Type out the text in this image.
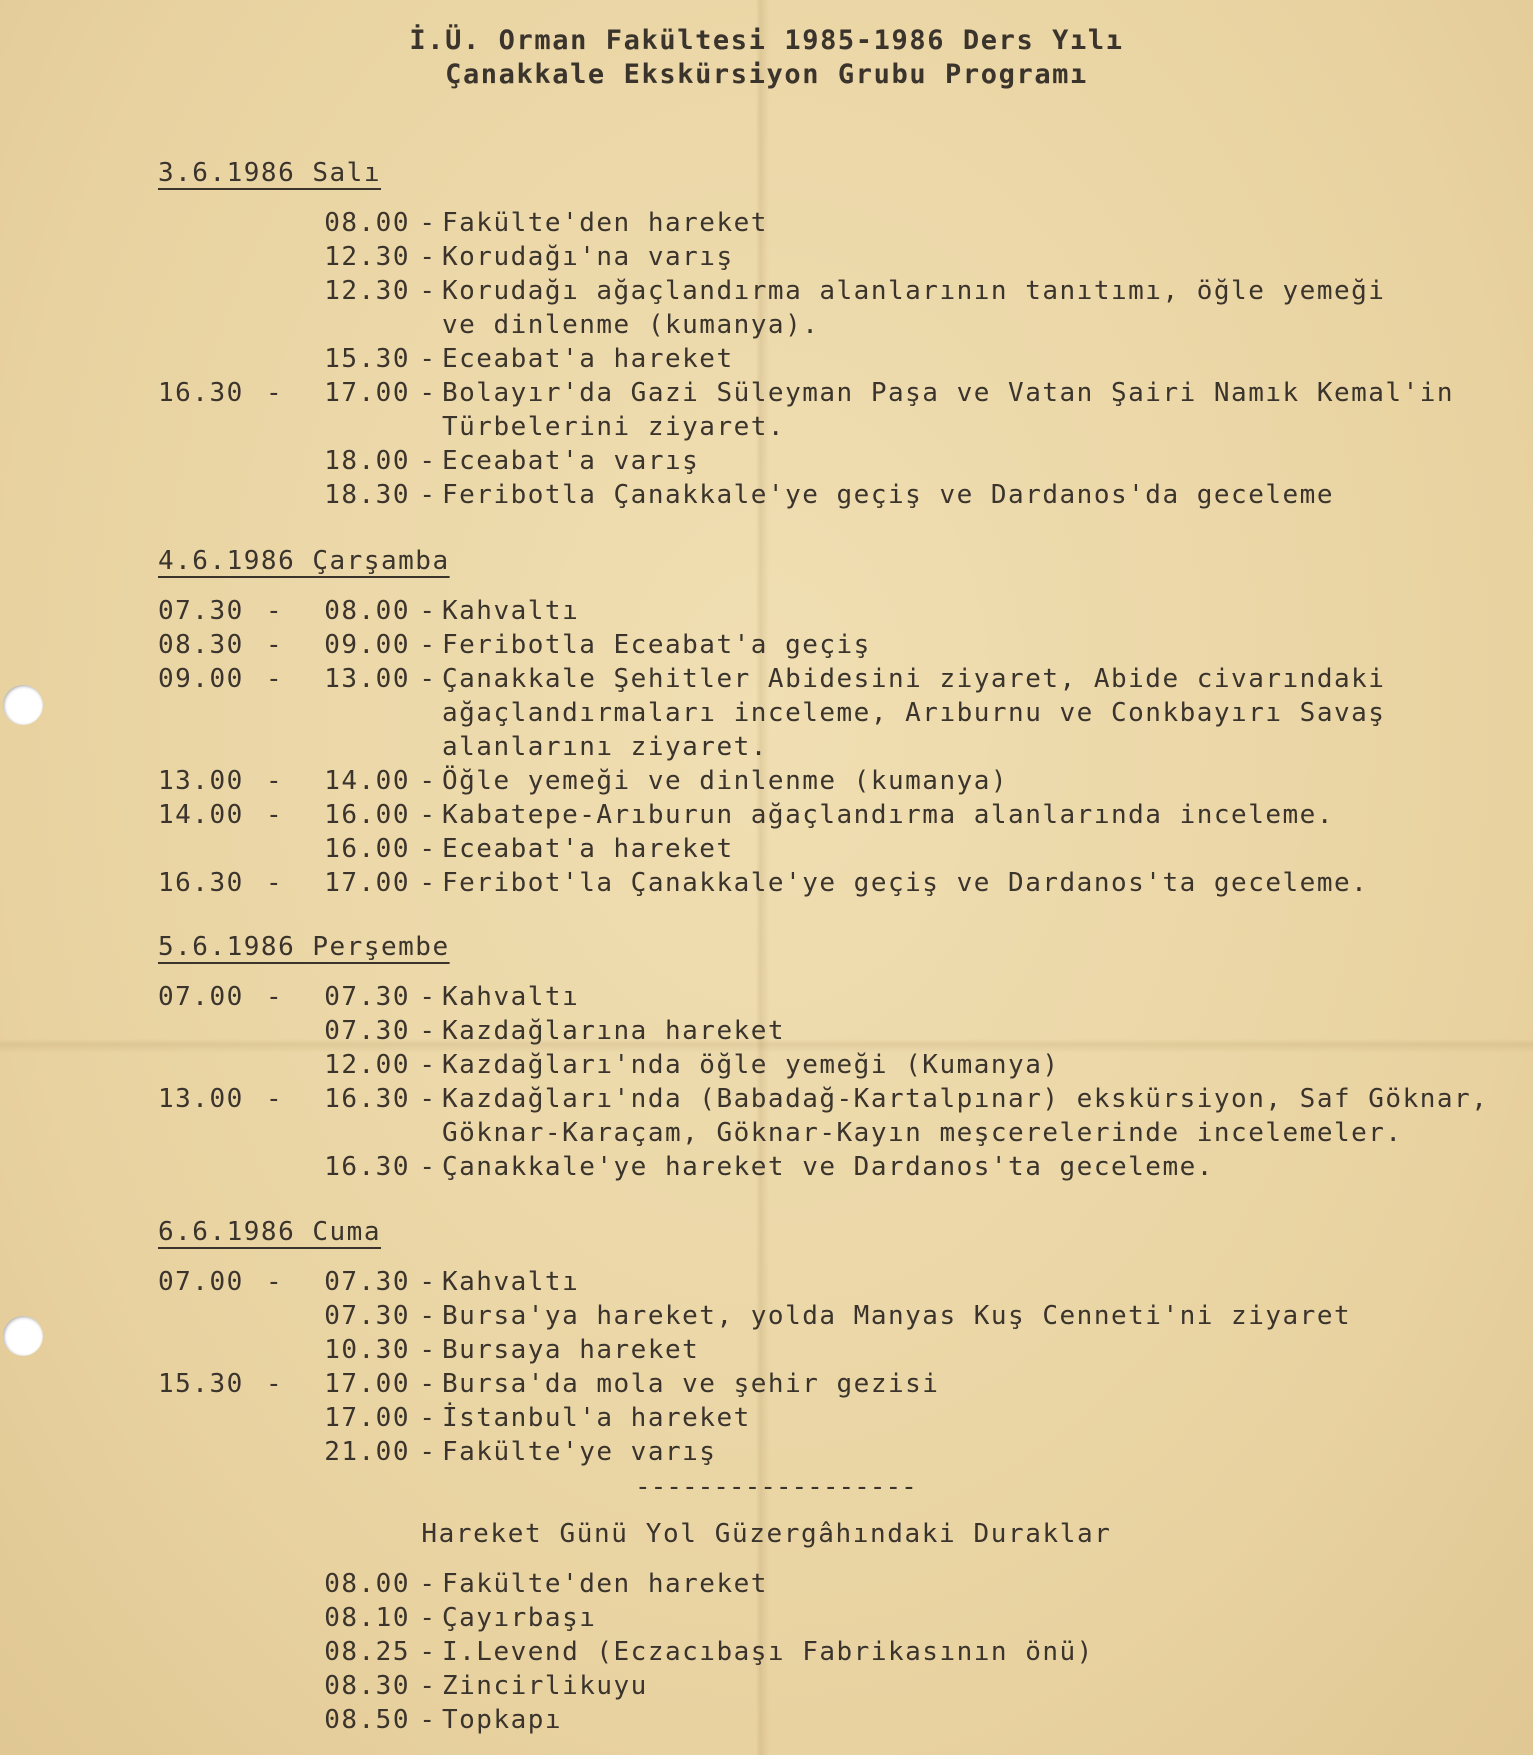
İ.Ü. Orman Fakültesi 1985-1986 Ders Yılı
Çanakkale Ekskürsiyon Grubu Programı
3.6.1986 Salı
08.00 - Fakülte'den hareket
12.30 - Korudağı'na varış
12.30 - Korudağı ağaçlandırma alanlarının tanıtımı, öğle yemeği
ve dinlenme (kumanya).
15.30 - Eceabat'a hareket
16.30 -	17.00 - Bolayır'da Gazi Süleyman Paşa ve Vatan Şairi Namık Kemal'in
Türbelerini ziyaret.
18.00 - Eceabat'a varış
18.30 - Feribotla Çanakkale'ye geçiş ve Dardanos'da geceleme
4.6.1986 Çarşamba
07.30 -	08.00 - Kahvaltı
08.30 -	09.00 - Feribotla Eceabat'a geçiş
09.00 -	13.00 - Çanakkale Şehitler Abidesini ziyaret, Abide civarındaki
ağaçlandırmaları inceleme, Arıburnu ve Conkbayırı Savaş
alanlarını ziyaret.
13.00 -	14.00 - Öğle yemeği ve dinlenme (kumanya)
14.00 -	16.00 - Kabatepe-Arıburun ağaçlandırma alanlarında inceleme.
16.00 - Eceabat'a hareket
16.30 -	17.00 - Feribot'la Çanakkale'ye geçiş ve Dardanos'ta geceleme.
5.6.1986 Perşembe
07.00 -	07.30 - Kahvaltı
07.30 - Kazdağlarına hareket
12.00 - Kazdağları'nda öğle yemeği (Kumanya)
13.00 -	16.30 - Kazdağları'nda (Babadağ-Kartalpınar) ekskürsiyon, Saf Göknar,
Göknar-Karaçam, Göknar-Kayın meşcerelerinde incelemeler.
16.30 - Çanakkale'ye hareket ve Dardanos'ta geceleme.
6.6.1986 Cuma
07.00 -	07.30 - Kahvaltı
07.30 - Bursa'ya hareket, yolda Manyas Kuş Cenneti'ni ziyaret
10.30 - Bursaya hareket
15.30 -	17.00 - Bursa'da mola ve şehir gezisi
17.00 - İstanbul'a hareket
21.00 - Fakülte'ye varış
------------------
Hareket Günü Yol Güzergâhındaki Duraklar
08.00 - Fakülte'den hareket
08.10 - Çayırbaşı
08.25 - I.Levend (Eczacıbaşı Fabrikasının önü)
08.30 - Zincirlikuyu
08.50 - Topkapı
